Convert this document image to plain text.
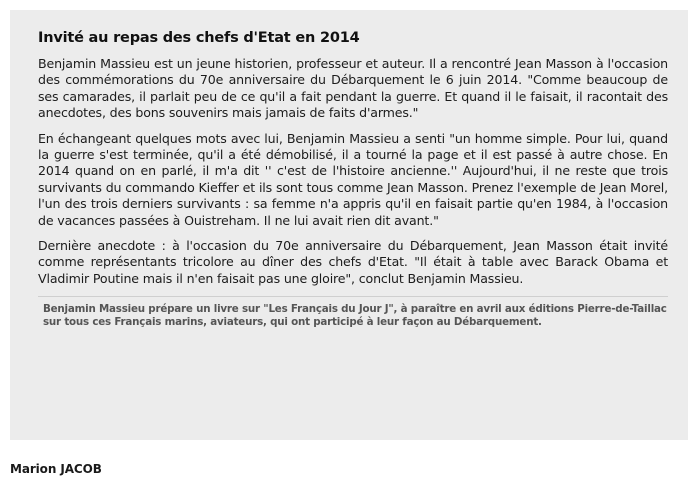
Invité au repas des chefs d'Etat en 2014

Benjamin Massieu est un jeune historien, professeur et auteur. Il a rencontré Jean Masson à l'occasion des commémorations du 70e anniversaire du Débarquement le 6 juin 2014. "Comme beaucoup de ses camarades, il parlait peu de ce qu'il a fait pendant la guerre. Et quand il le faisait, il racontait des anecdotes, des bons souvenirs mais jamais de faits d'armes."

En échangeant quelques mots avec lui, Benjamin Massieu a senti "un homme simple. Pour lui, quand la guerre s'est terminée, qu'il a été démobilisé, il a tourné la page et il est passé à autre chose. En 2014 quand on en parlé, il m'a dit '' c'est de l'histoire ancienne.'' Aujourd'hui, il ne reste que trois survivants du commando Kieffer et ils sont tous comme Jean Masson. Prenez l'exemple de Jean Morel, l'un des trois derniers survivants : sa femme n'a appris qu'il en faisait partie qu'en 1984, à l'occasion de vacances passées à Ouistreham. Il ne lui avait rien dit avant."

Dernière anecdote : à l'occasion du 70e anniversaire du Débarquement, Jean Masson était invité comme représentants tricolore au dîner des chefs d'Etat. "Il était à table avec Barack Obama et Vladimir Poutine mais il n'en faisait pas une gloire", conclut Benjamin Massieu.

Benjamin Massieu prépare un livre sur "Les Français du Jour J", à paraître en avril aux éditions Pierre-de-Taillac sur tous ces Français marins, aviateurs, qui ont participé à leur façon au Débarquement.

Marion JACOB
